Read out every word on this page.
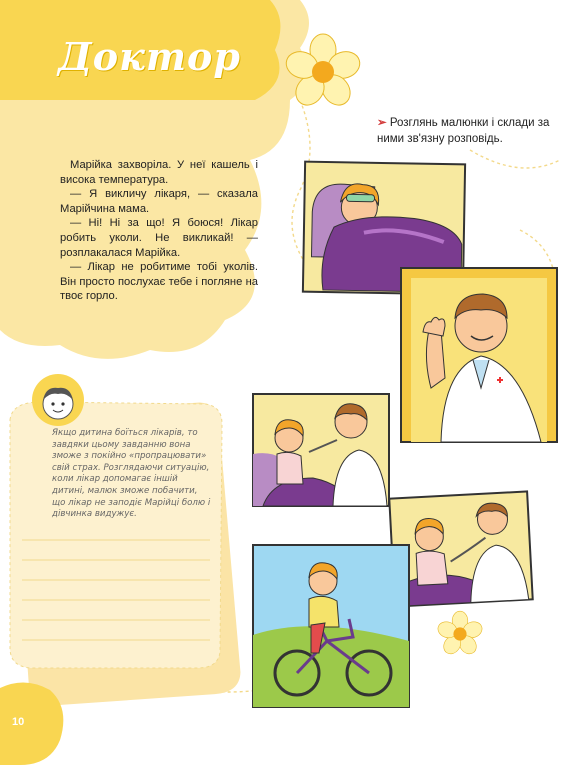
Доктор
➢ Розглянь малюнки і склади за ними зв'язну розповідь.

Марійка захворіла. У неї кашель і висока температура.

— Я викличу лікаря, — сказала Марійчина мама.

— Ні! Ні за що! Я боюся! Лікар робить уколи. Не викликай! — розплакалася Марійка.

— Лікар не робитиме тобі уколів. Він просто послухає тебе і погляне на твоє горло.

Якщо дитина боїться лікарів, то завдяки цьому завданню вона зможе з покійно «пропрацювати» свій страх. Розглядаючи ситуацію, коли лікар допомагає іншій дитині, малюк зможе побачити, що лікар не заподіє Марійці болю і дівчинка видужує.
10
